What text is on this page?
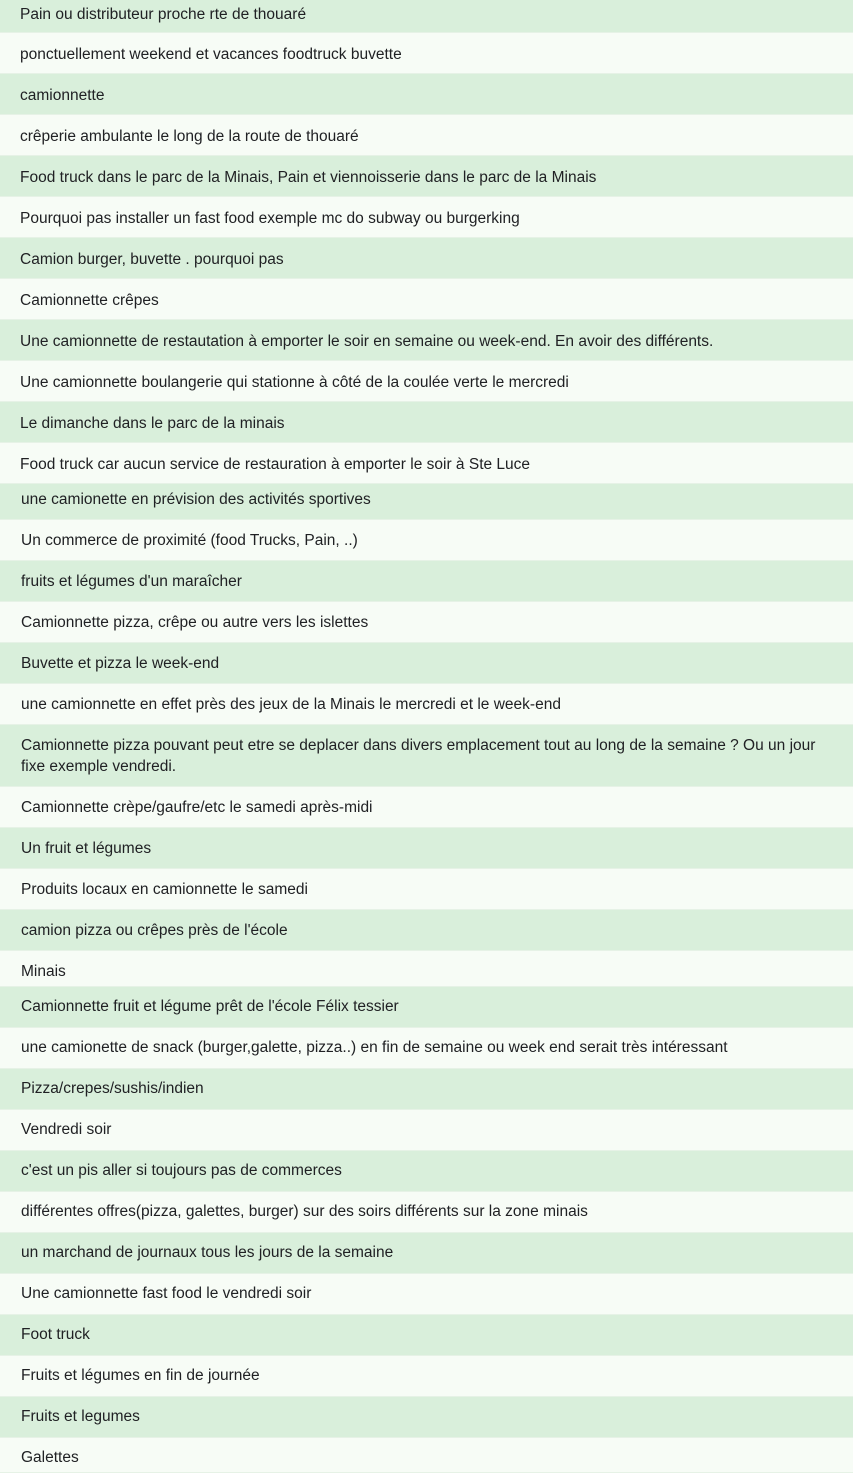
Pain ou distributeur proche rte de thouaré
ponctuellement weekend et vacances foodtruck buvette
camionnette
crêperie ambulante le long de la route de thouaré
Food truck dans le parc de la Minais, Pain et viennoisserie dans le parc de la Minais
Pourquoi pas installer un fast food exemple mc do subway ou burgerking
Camion burger, buvette . pourquoi pas
Camionnette crêpes
Une camionnette de restautation à emporter le soir en semaine ou week-end. En avoir des différents.
Une camionnette boulangerie qui stationne à côté de la coulée verte le mercredi
Le dimanche dans le parc de la minais
Food truck car aucun service de restauration à emporter le soir à Ste Luce
une camionette en prévision des activités sportives
Un commerce de proximité (food Trucks, Pain, ..)
fruits et légumes d'un maraîcher
Camionnette pizza, crêpe ou autre vers les islettes
Buvette et pizza le week-end
une camionnette en effet près des jeux de la Minais le mercredi et le week-end
Camionnette pizza pouvant peut etre se deplacer dans divers emplacement tout au long de la semaine ? Ou un jour fixe exemple vendredi.
Camionnette crèpe/gaufre/etc le samedi après-midi
Un fruit et légumes
Produits locaux en camionnette le samedi
camion pizza ou crêpes près de l'école
Minais
Camionnette fruit et légume prêt de l'école Félix tessier
une camionette de snack (burger,galette, pizza..) en fin de semaine ou week end serait très intéressant
Pizza/crepes/sushis/indien
Vendredi soir
c'est un pis aller si toujours pas de commerces
différentes offres(pizza, galettes, burger) sur des soirs différents sur la zone minais
un marchand de journaux tous les jours de la semaine
Une camionnette fast food le vendredi soir
Foot truck
Fruits et légumes en fin de journée
Fruits et legumes
Galettes
